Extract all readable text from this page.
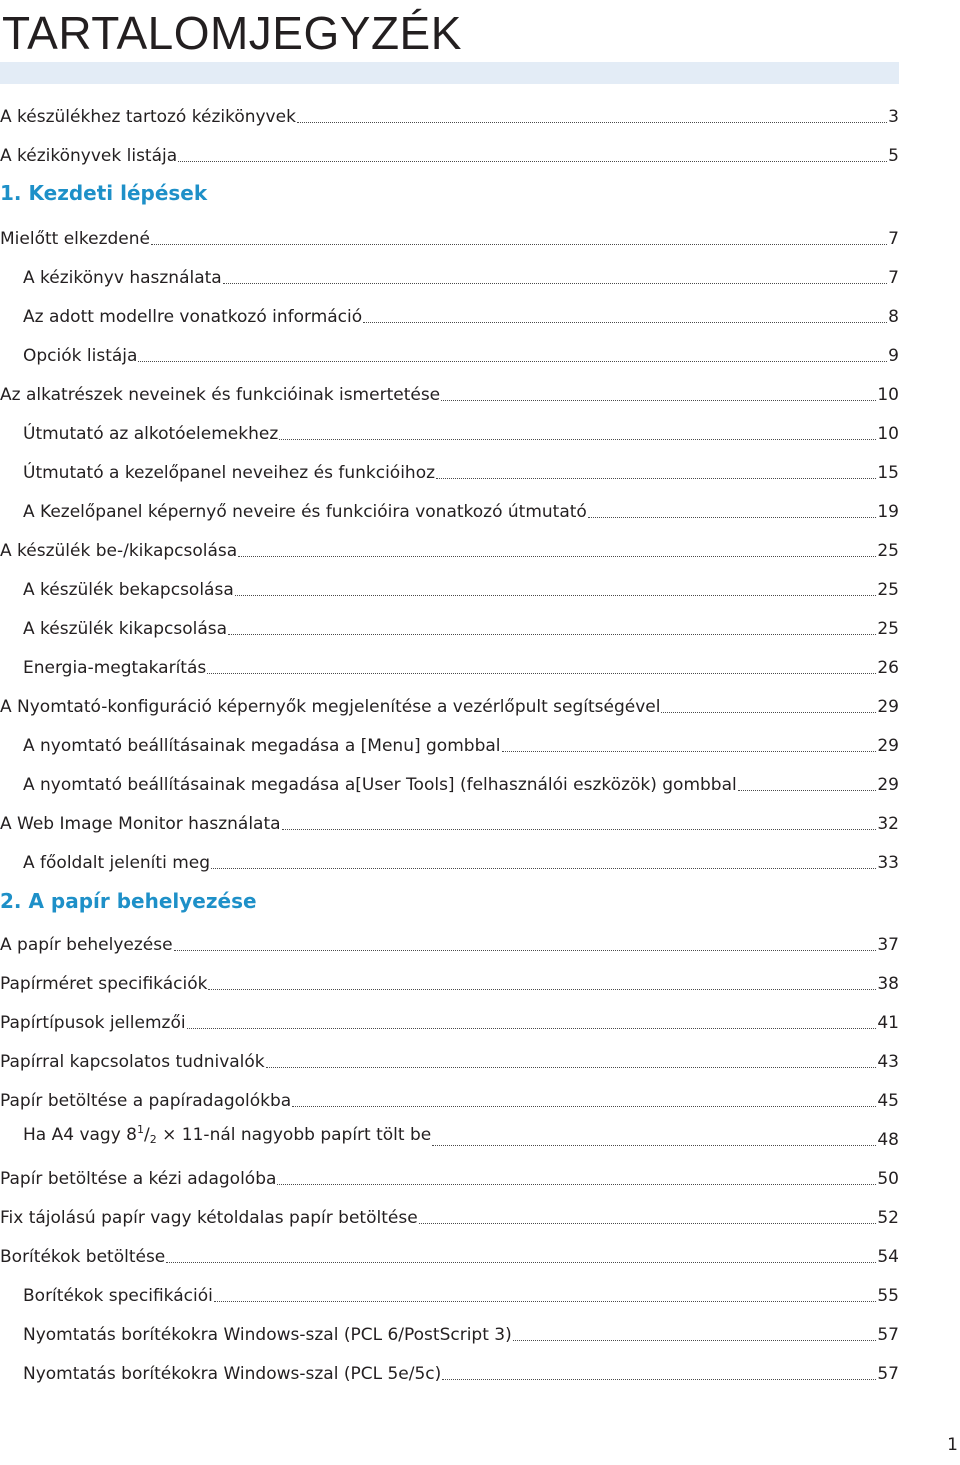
TARTALOMJEGYZÉK
A készülékhez tartozó kézikönyvek	3
A kézikönyvek listája	5
1. Kezdeti lépések
Mielőtt elkezdené	7
A kézikönyv használata	7
Az adott modellre vonatkozó információ	8
Opciók listája	9
Az alkatrészek neveinek és funkcióinak ismertetése	10
Útmutató az alkotóelemekhez	10
Útmutató a kezelőpanel neveihez és funkcióihoz	15
A Kezelőpanel képernyő neveire és funkcióira vonatkozó útmutató	19
A készülék be-/kikapcsolása	25
A készülék bekapcsolása	25
A készülék kikapcsolása	25
Energia-megtakarítás	26
A Nyomtató-konfiguráció képernyők megjelenítése a vezérlőpult segítségével	29
A nyomtató beállításainak megadása a [Menu] gombbal	29
A nyomtató beállításainak megadása a[User Tools] (felhasználói eszközök) gombbal	29
A Web Image Monitor használata	32
A főoldalt jeleníti meg	33
2. A papír behelyezése
A papír behelyezése	37
Papírméret specifikációk	38
Papírtípusok jellemzői	41
Papírral kapcsolatos tudnivalók	43
Papír betöltése a papíradagolókba	45
Ha A4 vagy $8^1/_2$ × 11-nál nagyobb papírt tölt be	48
Papír betöltése a kézi adagolóba	50
Fix tájolású papír vagy kétoldalas papír betöltése	52
Borítékok betöltése	54
Borítékok specifikációi	55
Nyomtatás borítékokra Windows-szal (PCL 6/PostScript 3)	57
Nyomtatás borítékokra Windows-szal (PCL 5e/5c)	57
1
